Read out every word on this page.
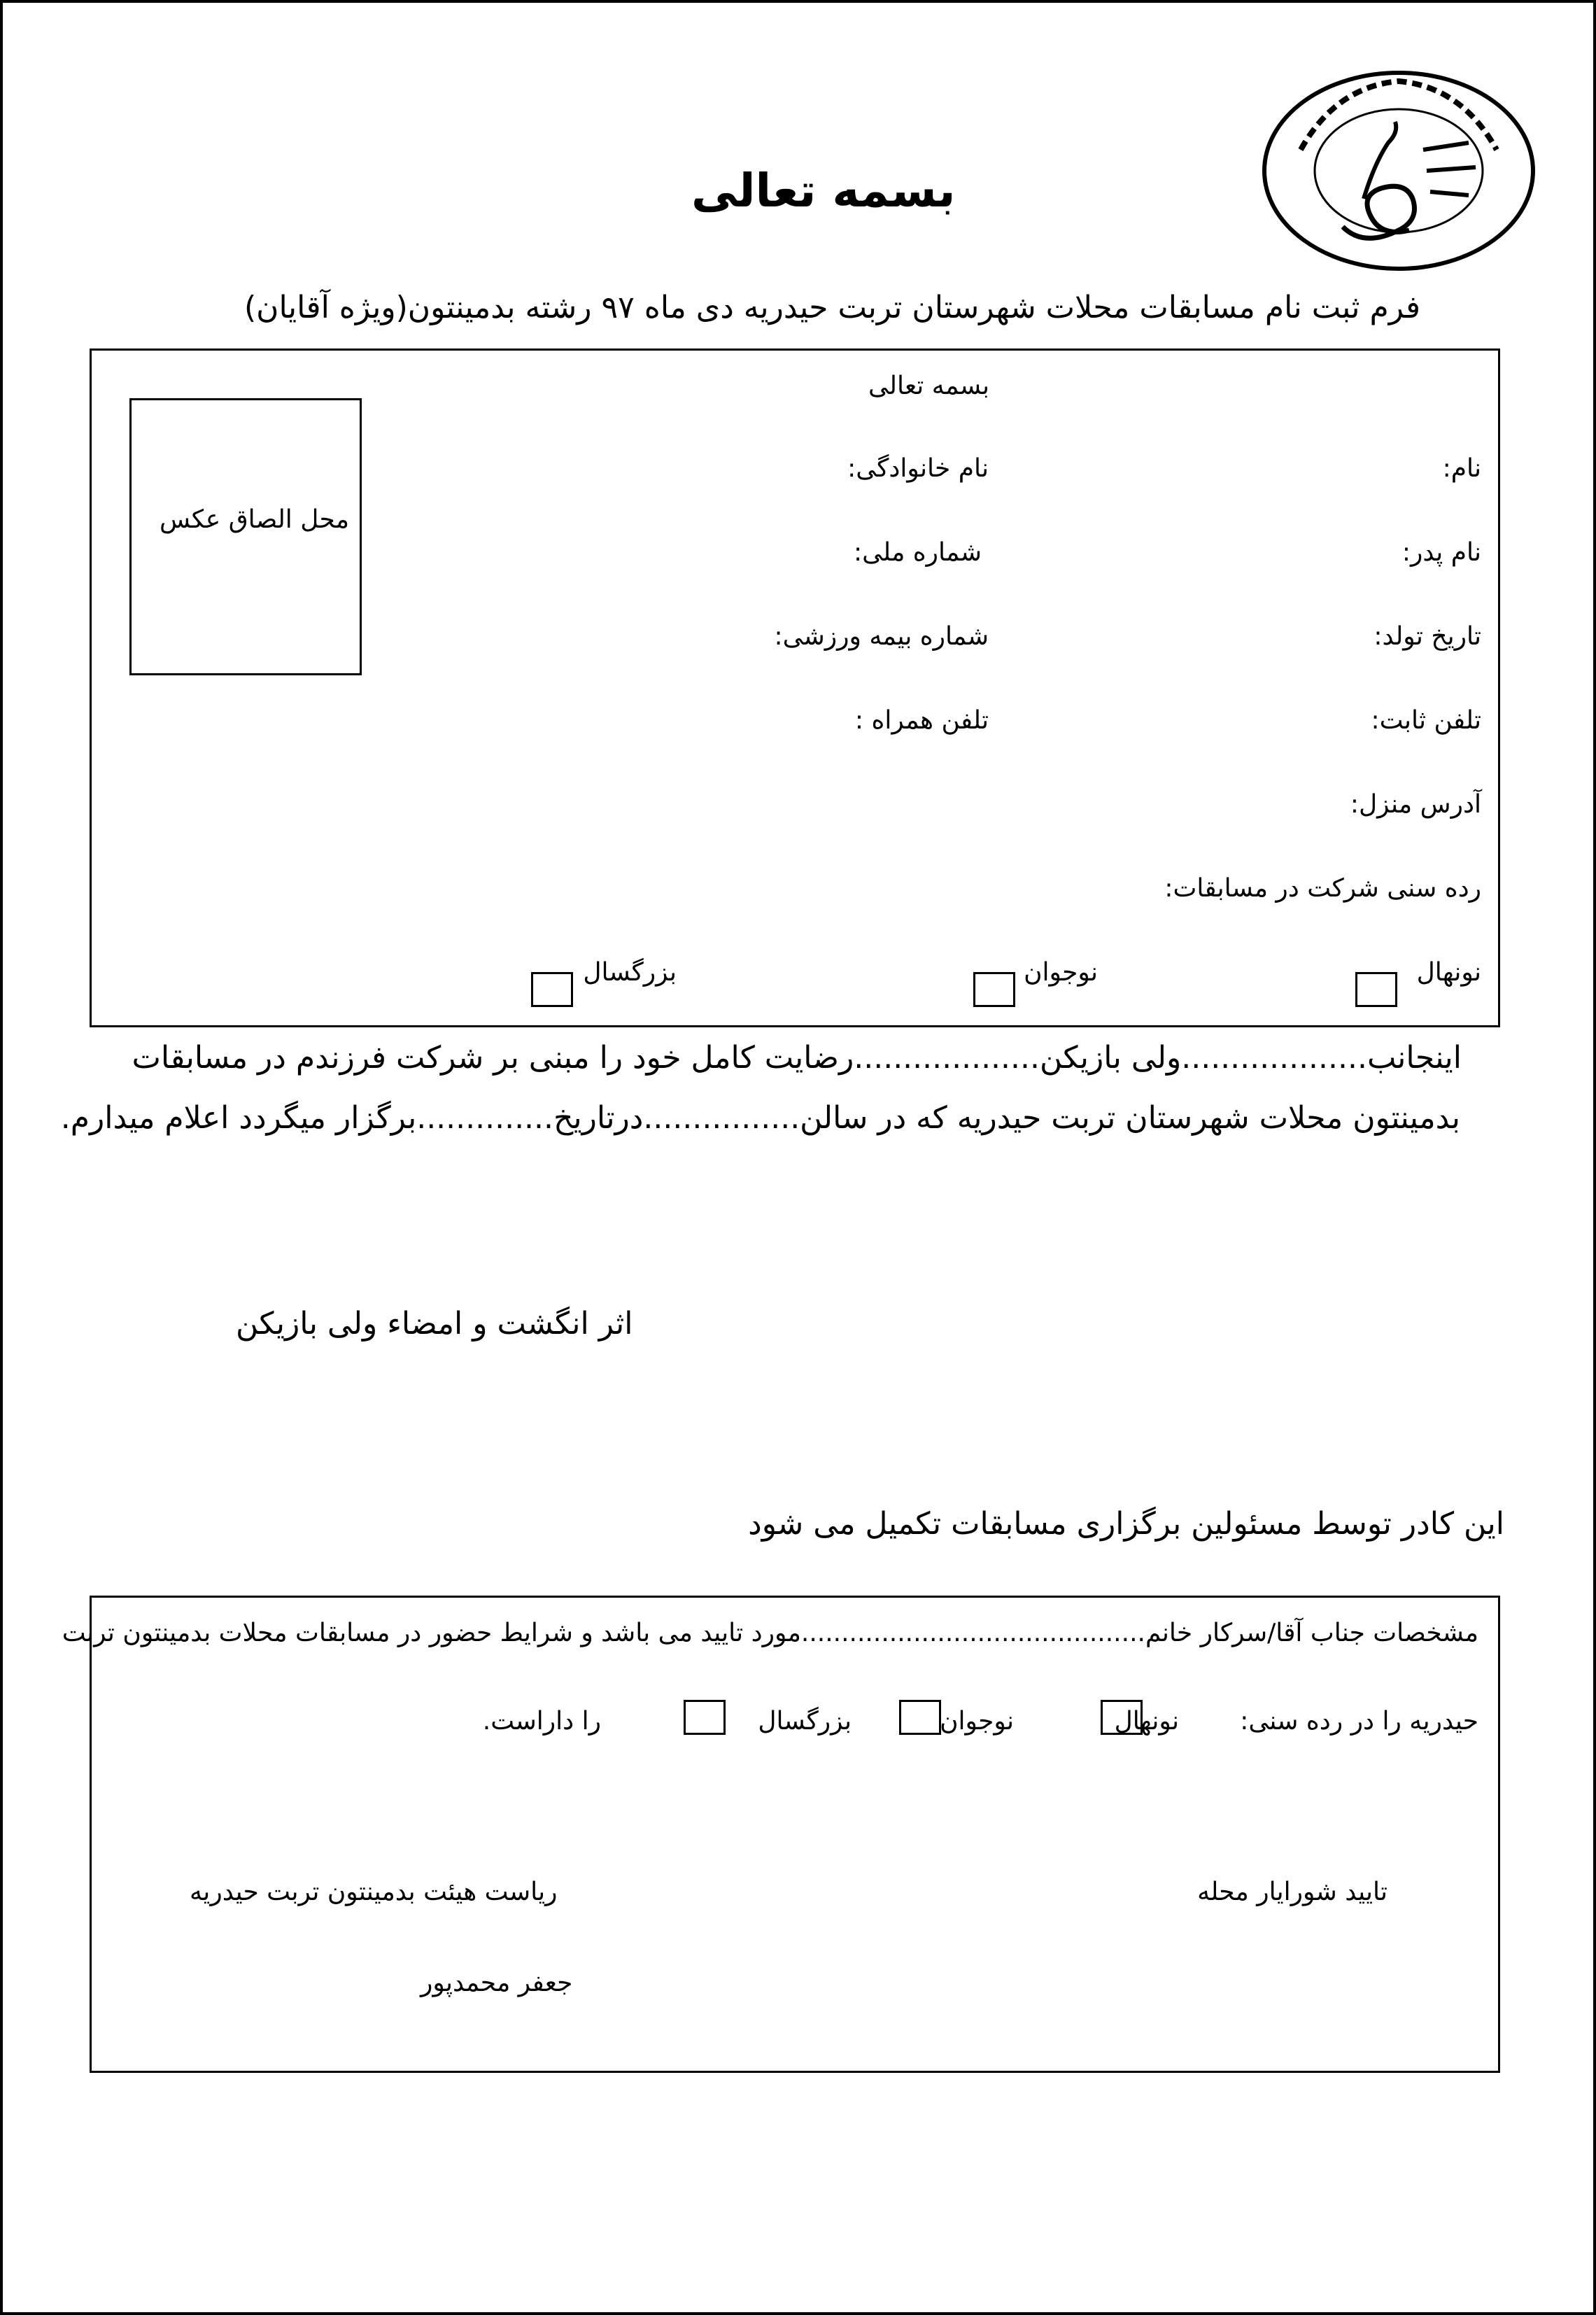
بسمه تعالی
فرم ثبت نام مسابقات محلات شهرستان تربت حیدریه دی ماه ۹۷ رشته بدمینتون(ویژه آقایان)
بسمه تعالی
محل الصاق عکس
نام:
نام خانوادگی:
نام پدر:
شماره ملی:
تاریخ تولد:
شماره بیمه ورزشی:
تلفن ثابت:
تلفن همراه :
آدرس منزل:
رده سنی شرکت در مسابقات:
نونهال
نوجوان
بزرگسال
اینجانب...................ولی بازیکن...................رضایت کامل خود را مبنی بر شرکت فرزندم در مسابقات
بدمینتون محلات شهرستان تربت حیدریه که در سالن................درتاریخ..............برگزار میگردد اعلام میدارم.
اثر انگشت و امضاء ولی بازیکن
این کادر توسط مسئولین برگزاری مسابقات تکمیل می شود
مشخصات جناب آقا/سرکار خانم...........................................مورد تایید می باشد و شرایط حضور در مسابقات محلات بدمینتون تربت
حیدریه را در رده سنی:
نونهال
نوجوان
بزرگسال
را داراست.
تایید شورایار محله
ریاست هیئت بدمینتون تربت حیدریه
جعفر محمدپور
